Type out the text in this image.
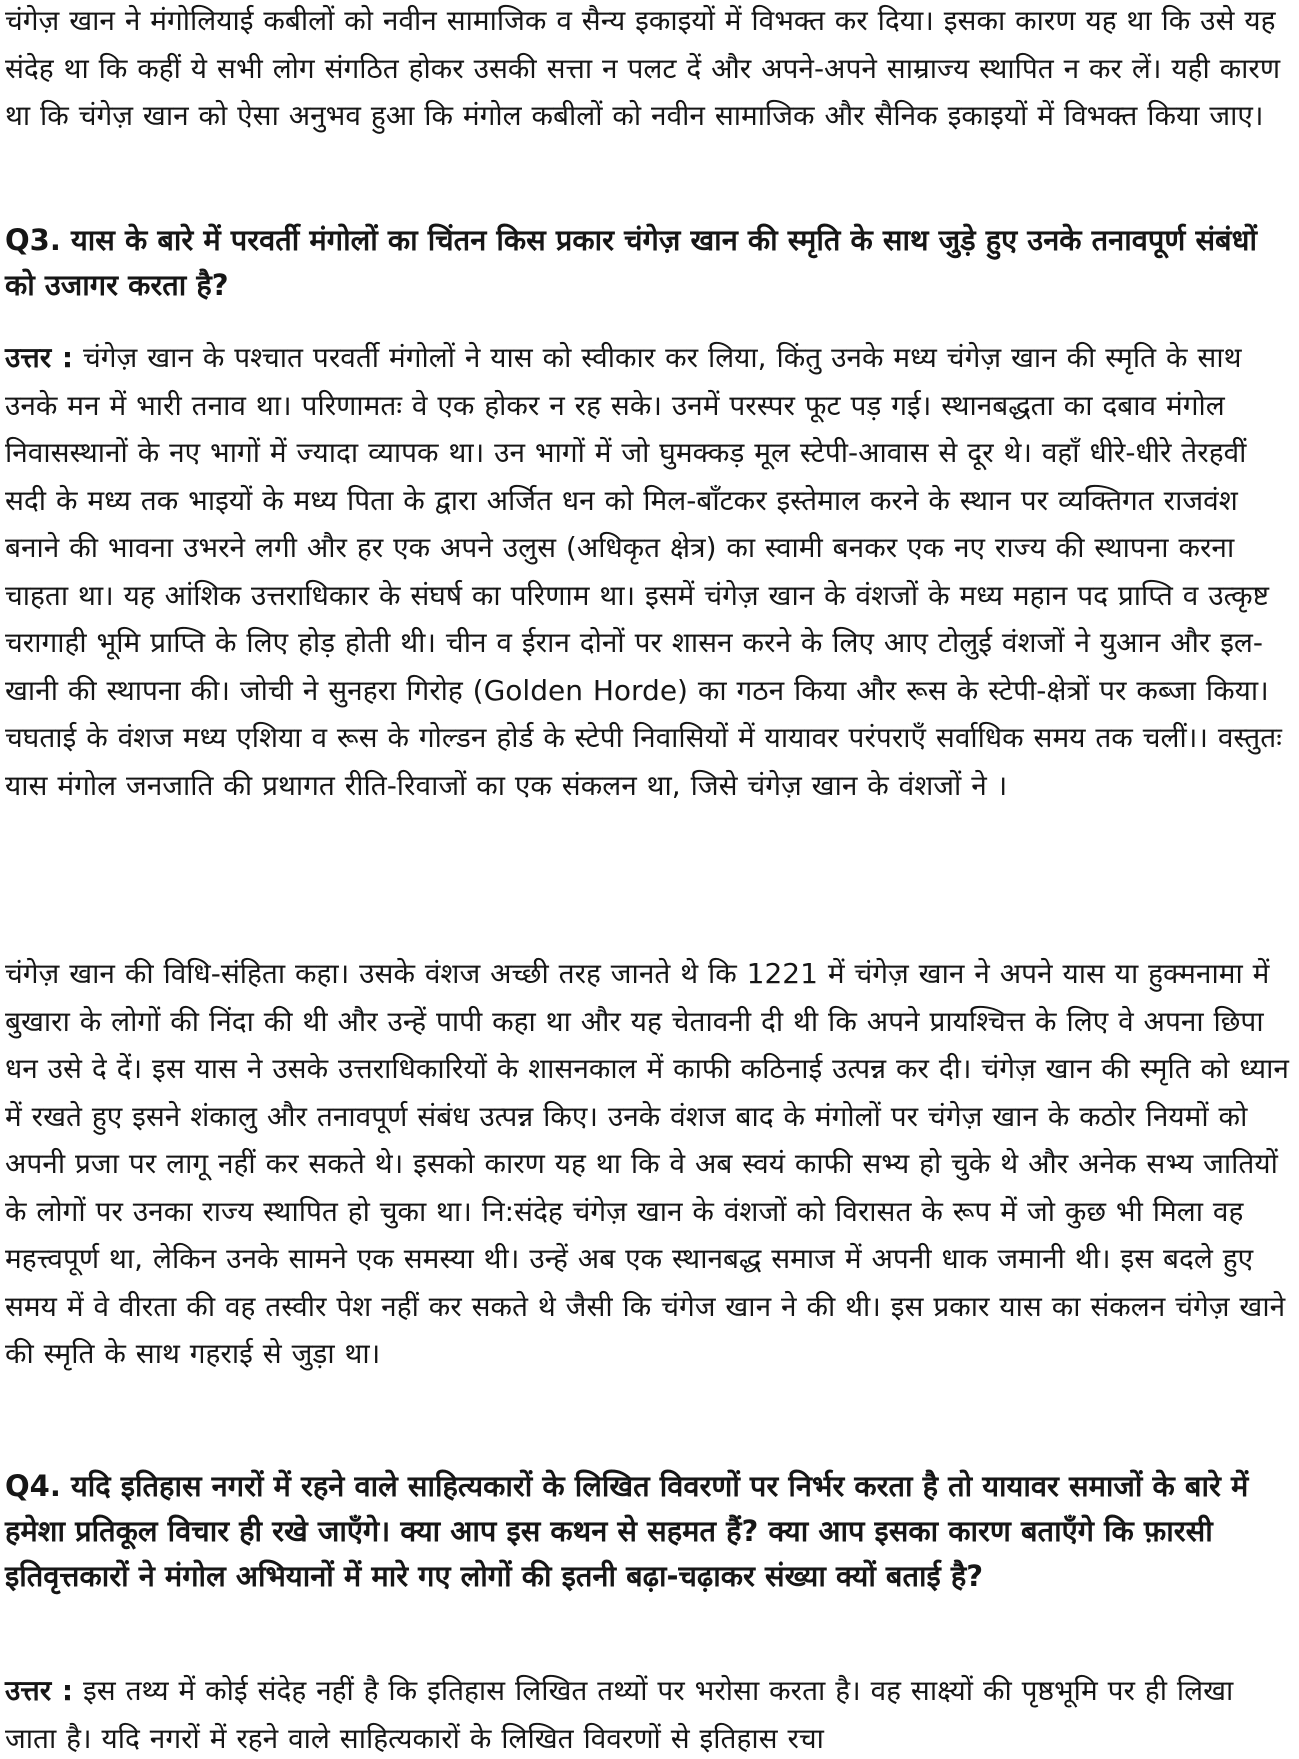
चंगेज़ खान ने मंगोलियाई कबीलों को नवीन सामाजिक व सैन्य इकाइयों में विभक्त कर दिया। इसका कारण यह था कि उसे यह संदेह था कि कहीं ये सभी लोग संगठित होकर उसकी सत्ता न पलट दें और अपने-अपने साम्राज्य स्थापित न कर लें। यही कारण था कि चंगेज़ खान को ऐसा अनुभव हुआ कि मंगोल कबीलों को नवीन सामाजिक और सैनिक इकाइयों में विभक्त किया जाए।

Q3. यास के बारे में परवर्ती मंगोलों का चिंतन किस प्रकार चंगेज़ खान की स्मृति के साथ जुड़े हुए उनके तनावपूर्ण संबंधों को उजागर करता है?

उत्तर : चंगेज़ खान के पश्चात परवर्ती मंगोलों ने यास को स्वीकार कर लिया, किंतु उनके मध्य चंगेज़ खान की स्मृति के साथ उनके मन में भारी तनाव था। परिणामतः वे एक होकर न रह सके। उनमें परस्पर फूट पड़ गई। स्थानबद्धता का दबाव मंगोल निवासस्थानों के नए भागों में ज्यादा व्यापक था। उन भागों में जो घुमक्कड़ मूल स्टेपी-आवास से दूर थे। वहाँ धीरे-धीरे तेरहवीं सदी के मध्य तक भाइयों के मध्य पिता के द्वारा अर्जित धन को मिल-बाँटकर इस्तेमाल करने के स्थान पर व्यक्तिगत राजवंश बनाने की भावना उभरने लगी और हर एक अपने उलुस (अधिकृत क्षेत्र) का स्वामी बनकर एक नए राज्य की स्थापना करना चाहता था। यह आंशिक उत्तराधिकार के संघर्ष का परिणाम था। इसमें चंगेज़ खान के वंशजों के मध्य महान पद प्राप्ति व उत्कृष्ट चरागाही भूमि प्राप्ति के लिए होड़ होती थी। चीन व ईरान दोनों पर शासन करने के लिए आए टोलुई वंशजों ने युआन और इल-खानी की स्थापना की। जोची ने सुनहरा गिरोह (Golden Horde) का गठन किया और रूस के स्टेपी-क्षेत्रों पर कब्जा किया। चघताई के वंशज मध्य एशिया व रूस के गोल्डन होर्ड के स्टेपी निवासियों में यायावर परंपराएँ सर्वाधिक समय तक चलीं।। वस्तुतः यास मंगोल जनजाति की प्रथागत रीति-रिवाजों का एक संकलन था, जिसे चंगेज़ खान के वंशजों ने ।

चंगेज़ खान की विधि-संहिता कहा। उसके वंशज अच्छी तरह जानते थे कि 1221 में चंगेज़ खान ने अपने यास या हुक्मनामा में बुखारा के लोगों की निंदा की थी और उन्हें पापी कहा था और यह चेतावनी दी थी कि अपने प्रायश्चित्त के लिए वे अपना छिपा धन उसे दे दें। इस यास ने उसके उत्तराधिकारियों के शासनकाल में काफी कठिनाई उत्पन्न कर दी। चंगेज़ खान की स्मृति को ध्यान में रखते हुए इसने शंकालु और तनावपूर्ण संबंध उत्पन्न किए। उनके वंशज बाद के मंगोलों पर चंगेज़ खान के कठोर नियमों को अपनी प्रजा पर लागू नहीं कर सकते थे। इसको कारण यह था कि वे अब स्वयं काफी सभ्य हो चुके थे और अनेक सभ्य जातियों के लोगों पर उनका राज्य स्थापित हो चुका था। नि:संदेह चंगेज़ खान के वंशजों को विरासत के रूप में जो कुछ भी मिला वह महत्त्वपूर्ण था, लेकिन उनके सामने एक समस्या थी। उन्हें अब एक स्थानबद्ध समाज में अपनी धाक जमानी थी। इस बदले हुए समय में वे वीरता की वह तस्वीर पेश नहीं कर सकते थे जैसी कि चंगेज खान ने की थी। इस प्रकार यास का संकलन चंगेज़ खाने की स्मृति के साथ गहराई से जुड़ा था।

Q4. यदि इतिहास नगरों में रहने वाले साहित्यकारों के लिखित विवरणों पर निर्भर करता है तो यायावर समाजों के बारे में हमेशा प्रतिकूल विचार ही रखे जाएँगे। क्या आप इस कथन से सहमत हैं? क्या आप इसका कारण बताएँगे कि फ़ारसी इतिवृत्तकारों ने मंगोल अभियानों में मारे गए लोगों की इतनी बढ़ा-चढ़ाकर संख्या क्यों बताई है?

उत्तर : इस तथ्य में कोई संदेह नहीं है कि इतिहास लिखित तथ्यों पर भरोसा करता है। वह साक्ष्यों की पृष्ठभूमि पर ही लिखा जाता है। यदि नगरों में रहने वाले साहित्यकारों के लिखित विवरणों से इतिहास रचा
